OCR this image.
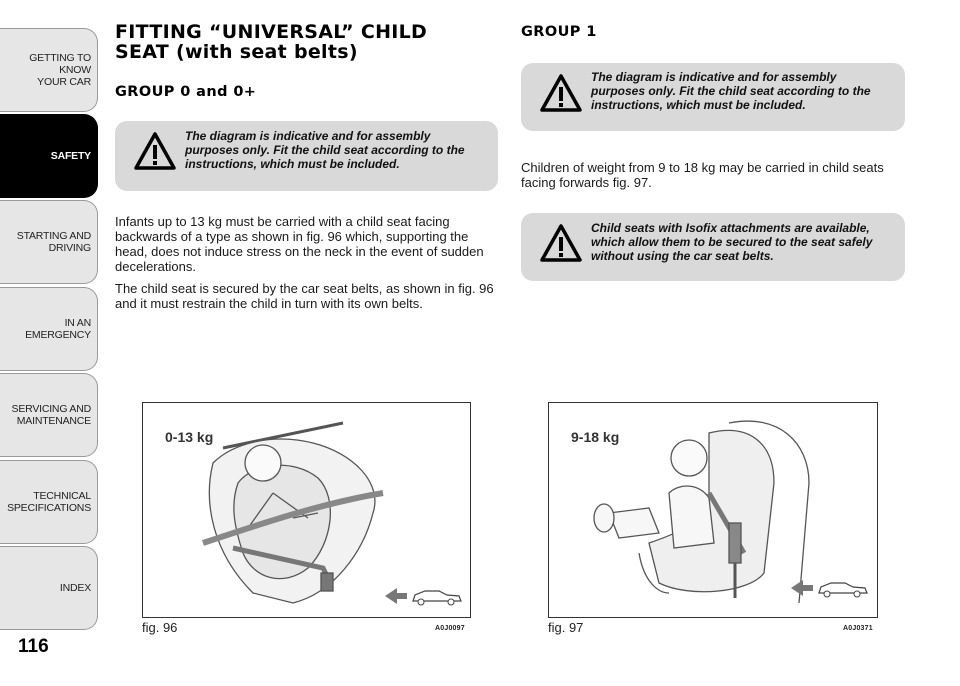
GETTING TO KNOW
YOUR CAR
SAFETY
STARTING AND
DRIVING
IN AN EMERGENCY
SERVICING AND
MAINTENANCE
TECHNICAL
SPECIFICATIONS
INDEX
116
FITTING “UNIVERSAL” CHILD
SEAT (with seat belts)
GROUP 0 and 0+

The diagram is indicative and for assembly purposes only. Fit the child seat according to the instructions, which must be included.

Infants up to 13 kg must be carried with a child seat facing backwards of a type as shown in fig. 96 which, supporting the head, does not induce stress on the neck in the event of sudden decelerations.

The child seat is secured by the car seat belts, as shown in fig. 96 and it must restrain the child in turn with its own belts.

0-13 kg
fig. 96	A0J0097
GROUP 1

The diagram is indicative and for assembly purposes only. Fit the child seat according to the instructions, which must be included.

Children of weight from 9 to 18 kg may be carried in child seats facing forwards fig. 97.

Child seats with Isofix attachments are available, which allow them to be secured to the seat safely without using the car seat belts.

9-18 kg
fig. 97	A0J0371
